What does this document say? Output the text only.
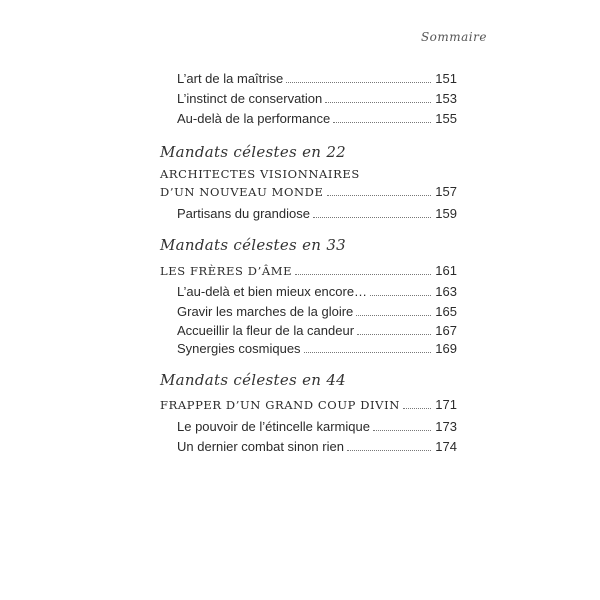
Sommaire
L’art de la maîtrise	151
L’instinct de conservation	153
Au-delà de la performance	155
Mandats célestes en 22
ARCHITECTES VISIONNAIRES
D’UN NOUVEAU MONDE	157
Partisans du grandiose	159
Mandats célestes en 33
LES FRÈRES D’ÂME	161
L’au-delà et bien mieux encore…	163
Gravir les marches de la gloire	165
Accueillir la fleur de la candeur	167
Synergies cosmiques	169
Mandats célestes en 44
FRAPPER D’UN GRAND COUP DIVIN	171
Le pouvoir de l’étincelle karmique	173
Un dernier combat sinon rien	174
